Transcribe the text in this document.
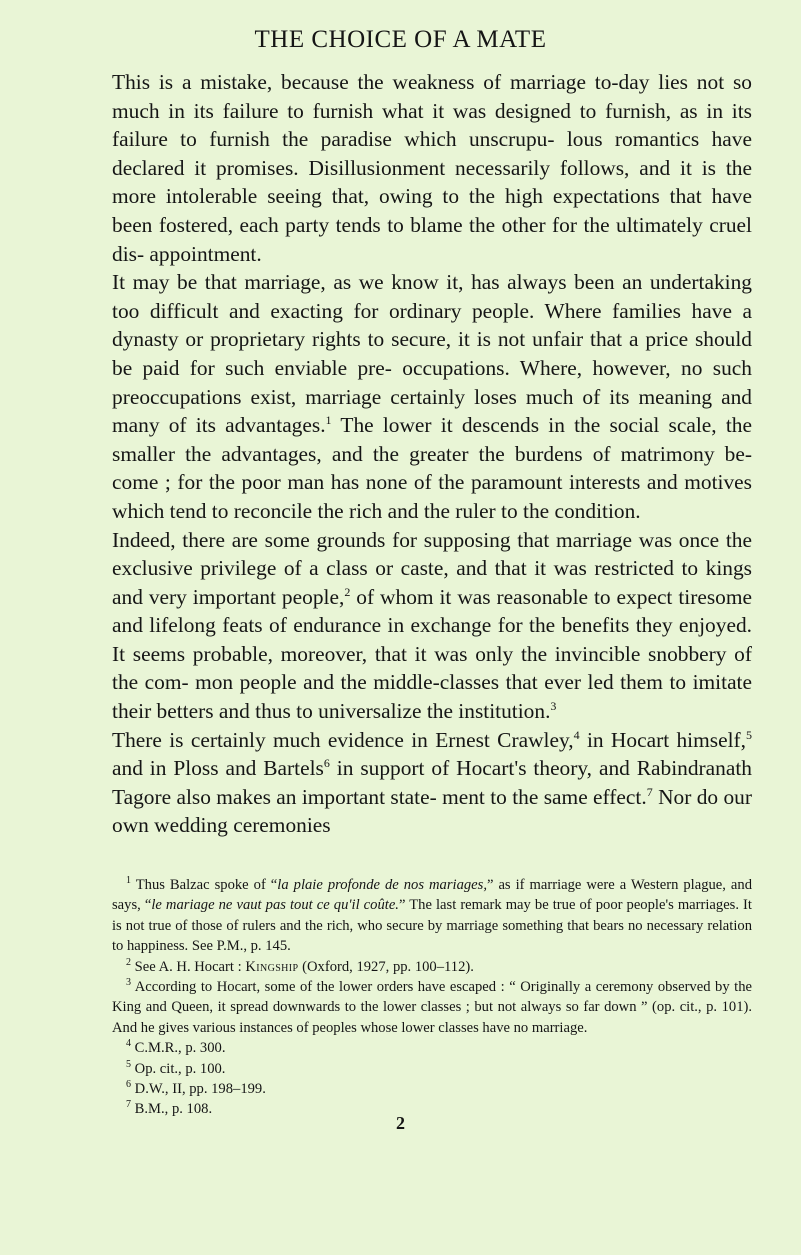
THE CHOICE OF A MATE

This is a mistake, because the weakness of marriage to-day lies not so much in its failure to furnish what it was designed to furnish, as in its failure to furnish the paradise which unscrupu- lous romantics have declared it promises. Disillusionment necessarily follows, and it is the more intolerable seeing that, owing to the high expectations that have been fostered, each party tends to blame the other for the ultimately cruel dis- appointment.

It may be that marriage, as we know it, has always been an undertaking too difficult and exacting for ordinary people. Where families have a dynasty or proprietary rights to secure, it is not unfair that a price should be paid for such enviable pre- occupations. Where, however, no such preoccupations exist, marriage certainly loses much of its meaning and many of its advantages.$^1$ The lower it descends in the social scale, the smaller the advantages, and the greater the burdens of matrimony be- come ; for the poor man has none of the paramount interests and motives which tend to reconcile the rich and the ruler to the condition.

Indeed, there are some grounds for supposing that marriage was once the exclusive privilege of a class or caste, and that it was restricted to kings and very important people,$^2$ of whom it was reasonable to expect tiresome and lifelong feats of endurance in exchange for the benefits they enjoyed. It seems probable, moreover, that it was only the invincible snobbery of the com- mon people and the middle-classes that ever led them to imitate their betters and thus to universalize the institution.$^3$

There is certainly much evidence in Ernest Crawley,$^4$ in Hocart himself,$^5$ and in Ploss and Bartels$^6$ in support of Hocart's theory, and Rabindranath Tagore also makes an important state- ment to the same effect.$^7$ Nor do our own wedding ceremonies

$^1$ Thus Balzac spoke of “la plaie profonde de nos mariages,” as if marriage were a Western plague, and says, “le mariage ne vaut pas tout ce qu'il coûte.” The last remark may be true of poor people's marriages. It is not true of those of rulers and the rich, who secure by marriage something that bears no necessary relation to happiness. See P.M., p. 145.

$^2$ See A. H. Hocart : Kingship (Oxford, 1927, pp. 100–112).

$^3$ According to Hocart, some of the lower orders have escaped : “ Originally a ceremony observed by the King and Queen, it spread downwards to the lower classes ; but not always so far down ” (op. cit., p. 101). And he gives various instances of peoples whose lower classes have no marriage.

$^4$ C.M.R., p. 300.

$^5$ Op. cit., p. 100.

$^6$ D.W., II, pp. 198–199.

$^7$ B.M., p. 108.

2
